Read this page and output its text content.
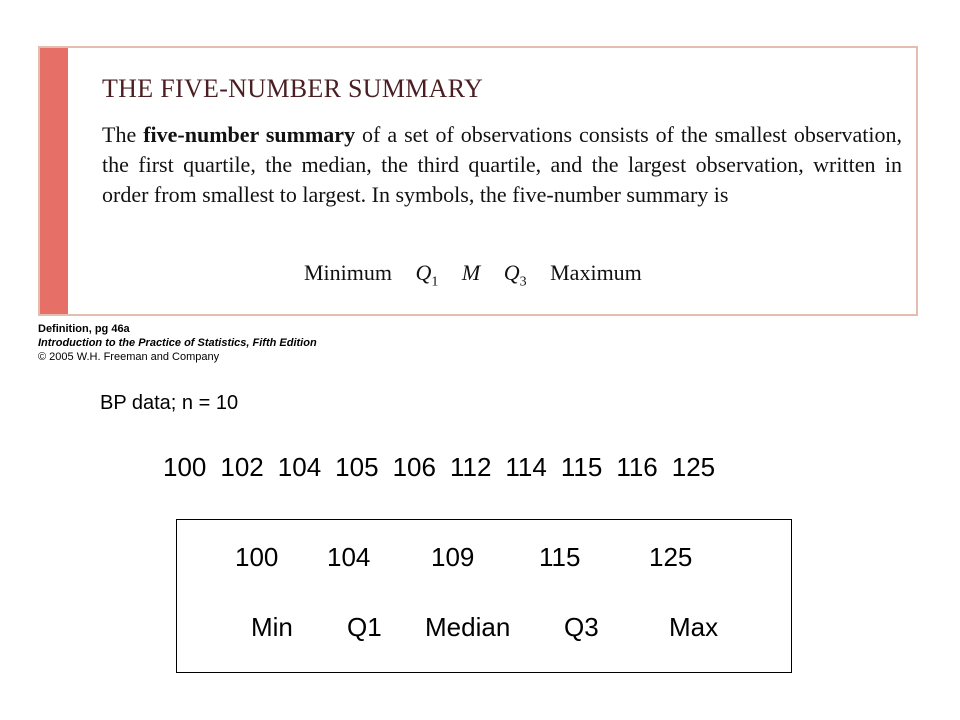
THE FIVE-NUMBER SUMMARY
The five-number summary of a set of observations consists of the smallest observation, the first quartile, the median, the third quartile, and the largest observation, written in order from smallest to largest. In symbols, the five-number summary is
Minimum $Q_1$ M $Q_3$ Maximum
Definition, pg 46a
Introduction to the Practice of Statistics, Fifth Edition
© 2005 W.H. Freeman and Company
BP data; n = 10
100 102 104 105 106 112 114 115 116 125
100 104 109 115	125
Min Q1 Median Q3	Max
